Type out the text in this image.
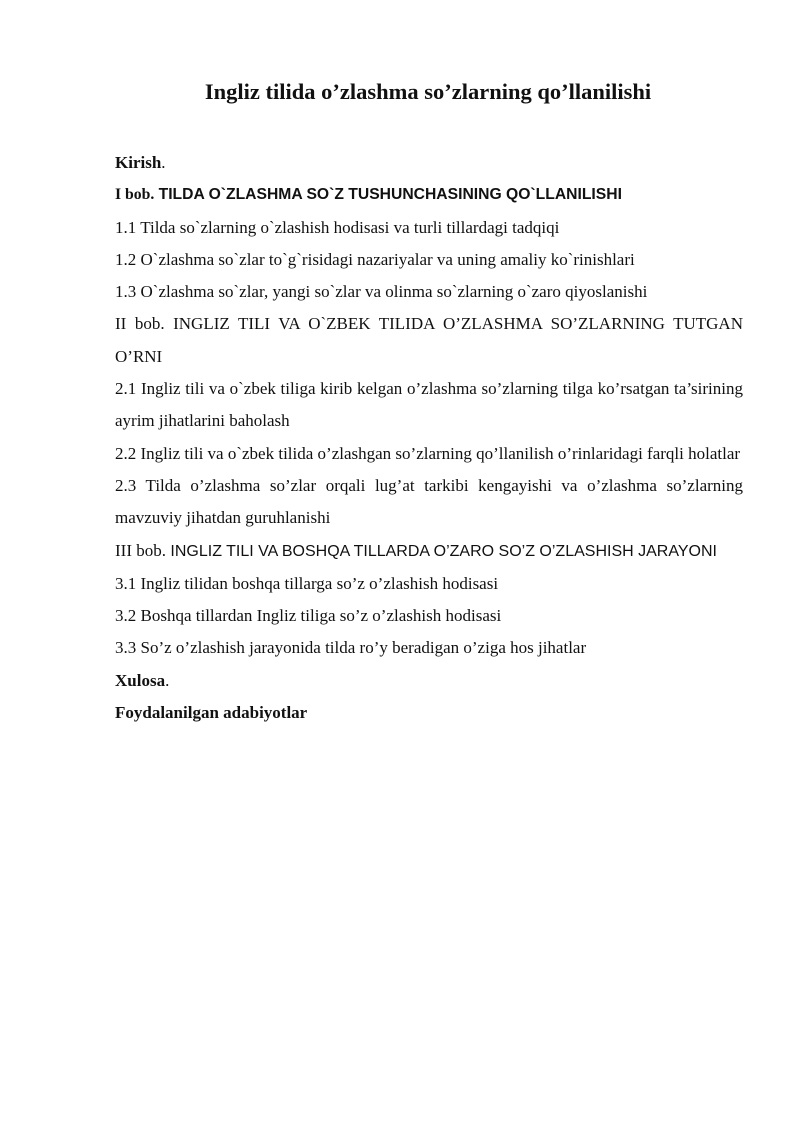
Ingliz tilida o’zlashma so’zlarning qo’llanilishi

Kirish.

I bob. TILDA O`ZLASHMA SO`Z TUSHUNCHASINING QO`LLANILISHI

1.1 Tilda so`zlarning o`zlashish hodisasi va turli tillardagi tadqiqi

1.2 O`zlashma so`zlar to`g`risidagi nazariyalar va uning amaliy ko`rinishlari

1.3 O`zlashma so`zlar, yangi so`zlar va olinma so`zlarning o`zaro qiyoslanishi

II bob. INGLIZ TILI VA O`ZBEK TILIDA O’ZLASHMA SO’ZLARNING TUTGAN O’RNI

2.1 Ingliz tili va o`zbek tiliga kirib kelgan o’zlashma so’zlarning tilga ko’rsatgan ta’sirining ayrim jihatlarini baholash

2.2 Ingliz tili va o`zbek tilida o’zlashgan so’zlarning qo’llanilish o’rinlaridagi farqli holatlar

2.3 Tilda o’zlashma so’zlar orqali lug’at tarkibi kengayishi va o’zlashma so’zlarning mavzuviy jihatdan guruhlanishi

III bob. INGLIZ TILI VA BOSHQA TILLARDA O’ZARO SO’Z O’ZLASHISH JARAYONI

3.1 Ingliz tilidan boshqa tillarga so’z o’zlashish hodisasi

3.2 Boshqa tillardan Ingliz tiliga so’z o’zlashish hodisasi

3.3 So’z o’zlashish jarayonida tilda ro’y beradigan o’ziga hos jihatlar

Xulosa.

Foydalanilgan adabiyotlar
